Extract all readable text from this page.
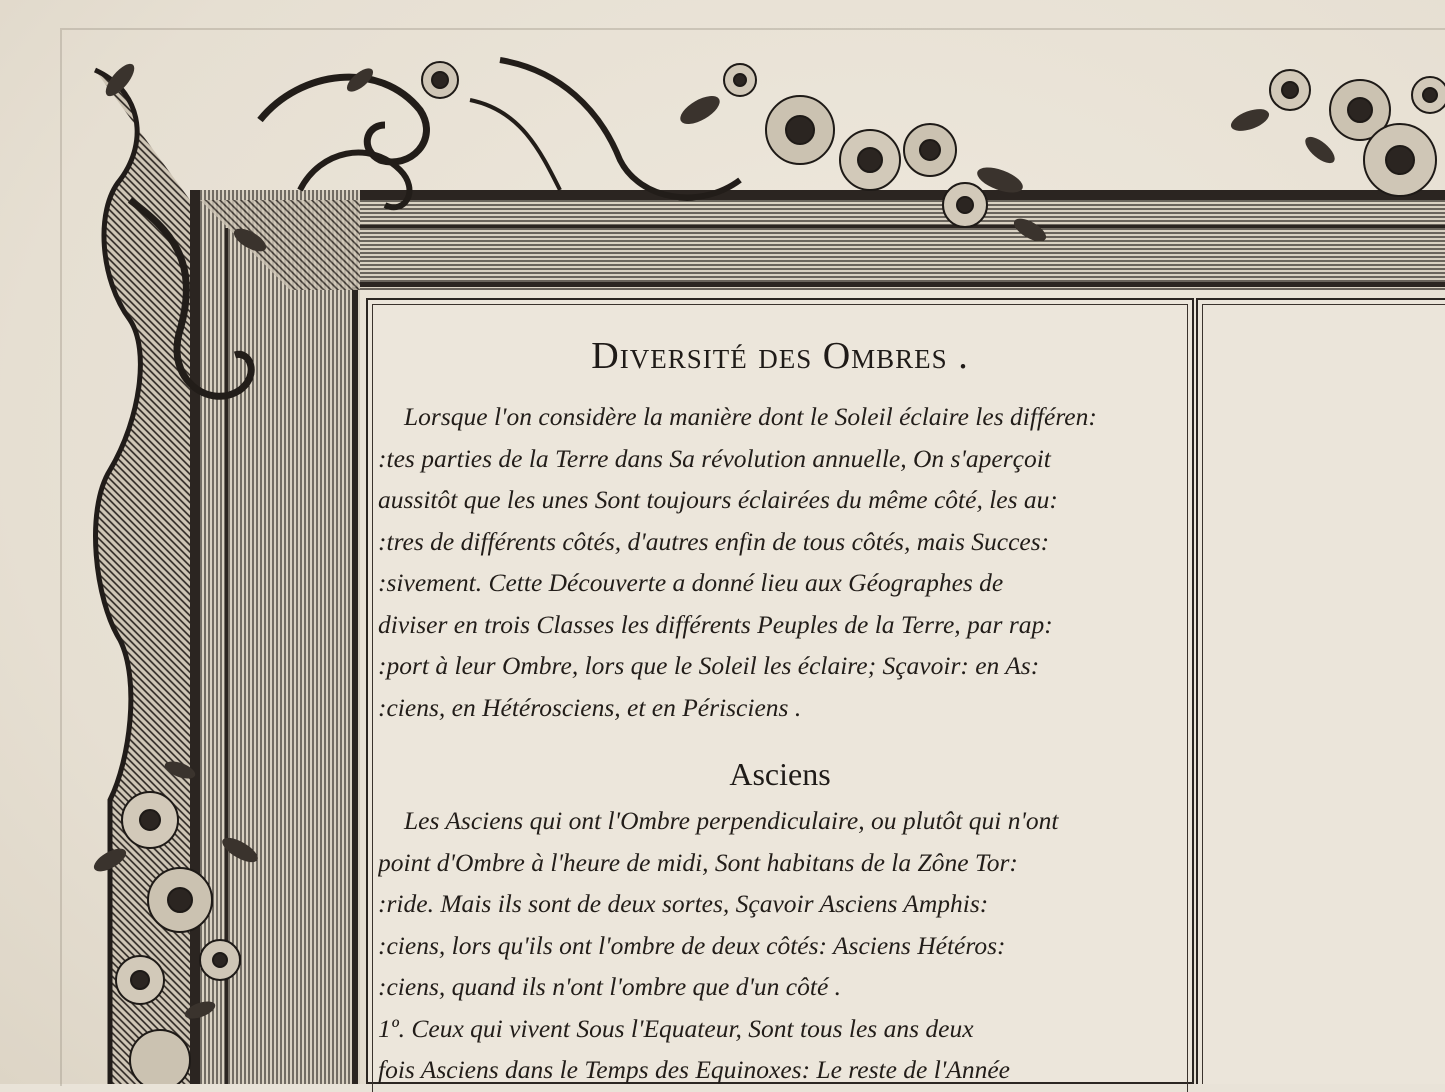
Diversité des Ombres .
Lorsque l'on considère la manière dont le Soleil éclaire les différen:
:tes parties de la Terre dans Sa révolution annuelle, On s'aperçoit
aussitôt que les unes Sont toujours éclairées du même côté, les au:
:tres de différents côtés, d'autres enfin de tous côtés, mais Succes:
:sivement. Cette Découverte a donné lieu aux Géographes de
diviser en trois Classes les différents Peuples de la Terre, par rap:
:port à leur Ombre, lors que le Soleil les éclaire; Sçavoir: en As:
:ciens, en Hétérosciens, et en Périsciens .
Asciens
Les Asciens qui ont l'Ombre perpendiculaire, ou plutôt qui n'ont
point d'Ombre à l'heure de midi, Sont habitans de la Zône Tor:
:ride. Mais ils sont de deux sortes, Sçavoir Asciens Amphis:
:ciens, lors qu'ils ont l'ombre de deux côtés: Asciens Hétéros:
:ciens, quand ils n'ont l'ombre que d'un côté .
1º. Ceux qui vivent Sous l'Equateur, Sont tous les ans deux
fois Asciens dans le Temps des Equinoxes: Le reste de l'Année
